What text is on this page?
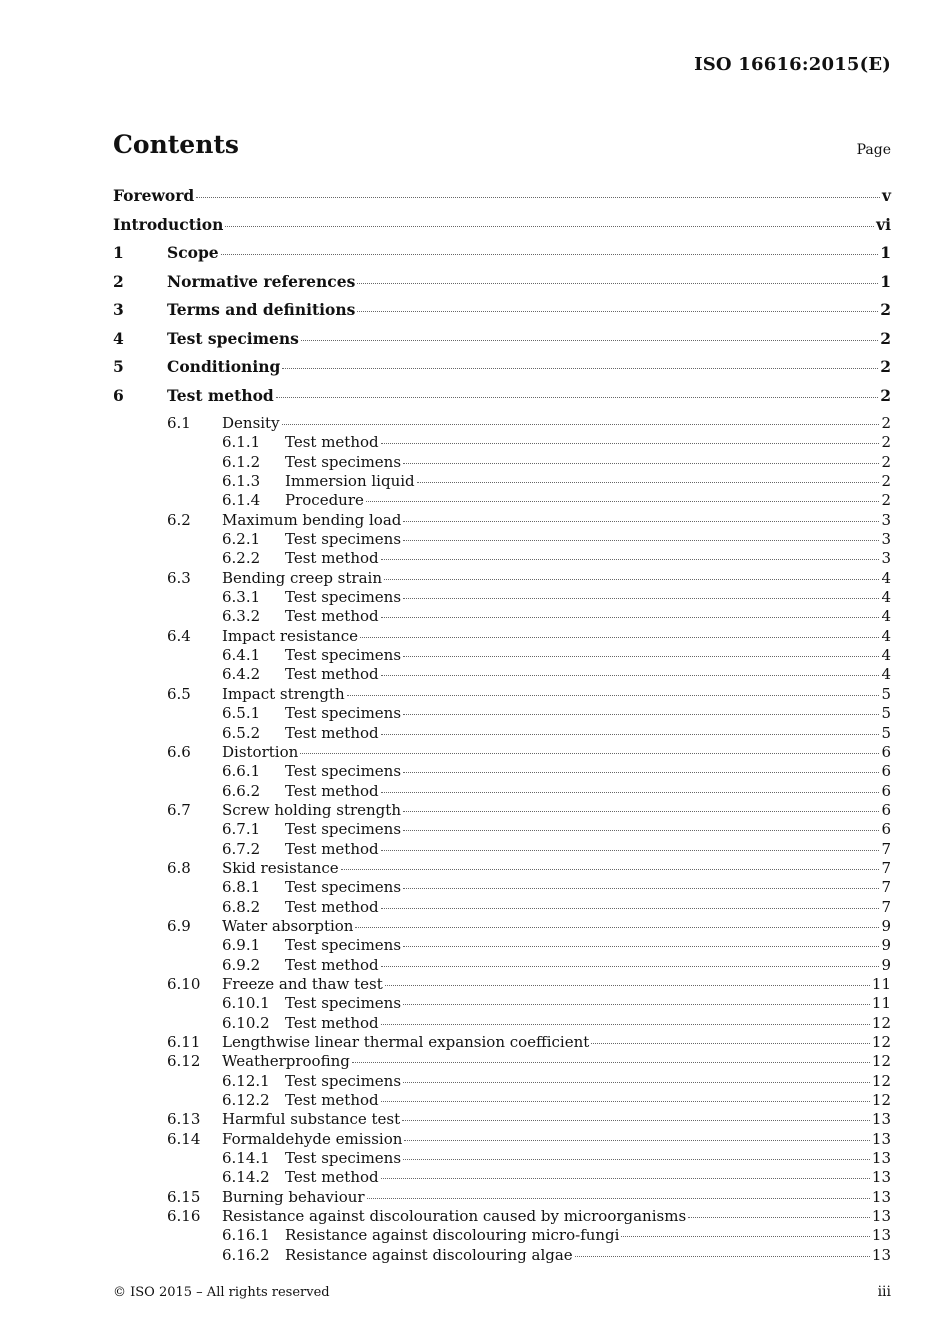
ISO 16616:2015(E)
Contents	Page
Foreword	v
Introduction	vi
1	Scope	1
2	Normative references	1
3	Terms and definitions	2
4	Test specimens	2
5	Conditioning	2
6	Test method	2
6.1	Density	2
6.1.1	Test method	2
6.1.2	Test specimens	2
6.1.3	Immersion liquid	2
6.1.4	Procedure	2
6.2	Maximum bending load	3
6.2.1	Test specimens	3
6.2.2	Test method	3
6.3	Bending creep strain	4
6.3.1	Test specimens	4
6.3.2	Test method	4
6.4	Impact resistance	4
6.4.1	Test specimens	4
6.4.2	Test method	4
6.5	Impact strength	5
6.5.1	Test specimens	5
6.5.2	Test method	5
6.6	Distortion	6
6.6.1	Test specimens	6
6.6.2	Test method	6
6.7	Screw holding strength	6
6.7.1	Test specimens	6
6.7.2	Test method	7
6.8	Skid resistance	7
6.8.1	Test specimens	7
6.8.2	Test method	7
6.9	Water absorption	9
6.9.1	Test specimens	9
6.9.2	Test method	9
6.10	Freeze and thaw test	11
6.10.1	Test specimens	11
6.10.2	Test method	12
6.11	Lengthwise linear thermal expansion coefficient	12
6.12	Weatherproofing	12
6.12.1	Test specimens	12
6.12.2	Test method	12
6.13	Harmful substance test	13
6.14	Formaldehyde emission	13
6.14.1	Test specimens	13
6.14.2	Test method	13
6.15	Burning behaviour	13
6.16	Resistance against discolouration caused by microorganisms	13
6.16.1	Resistance against discolouring micro-fungi	13
6.16.2	Resistance against discolouring algae	13
© ISO 2015 – All rights reserved	iii
